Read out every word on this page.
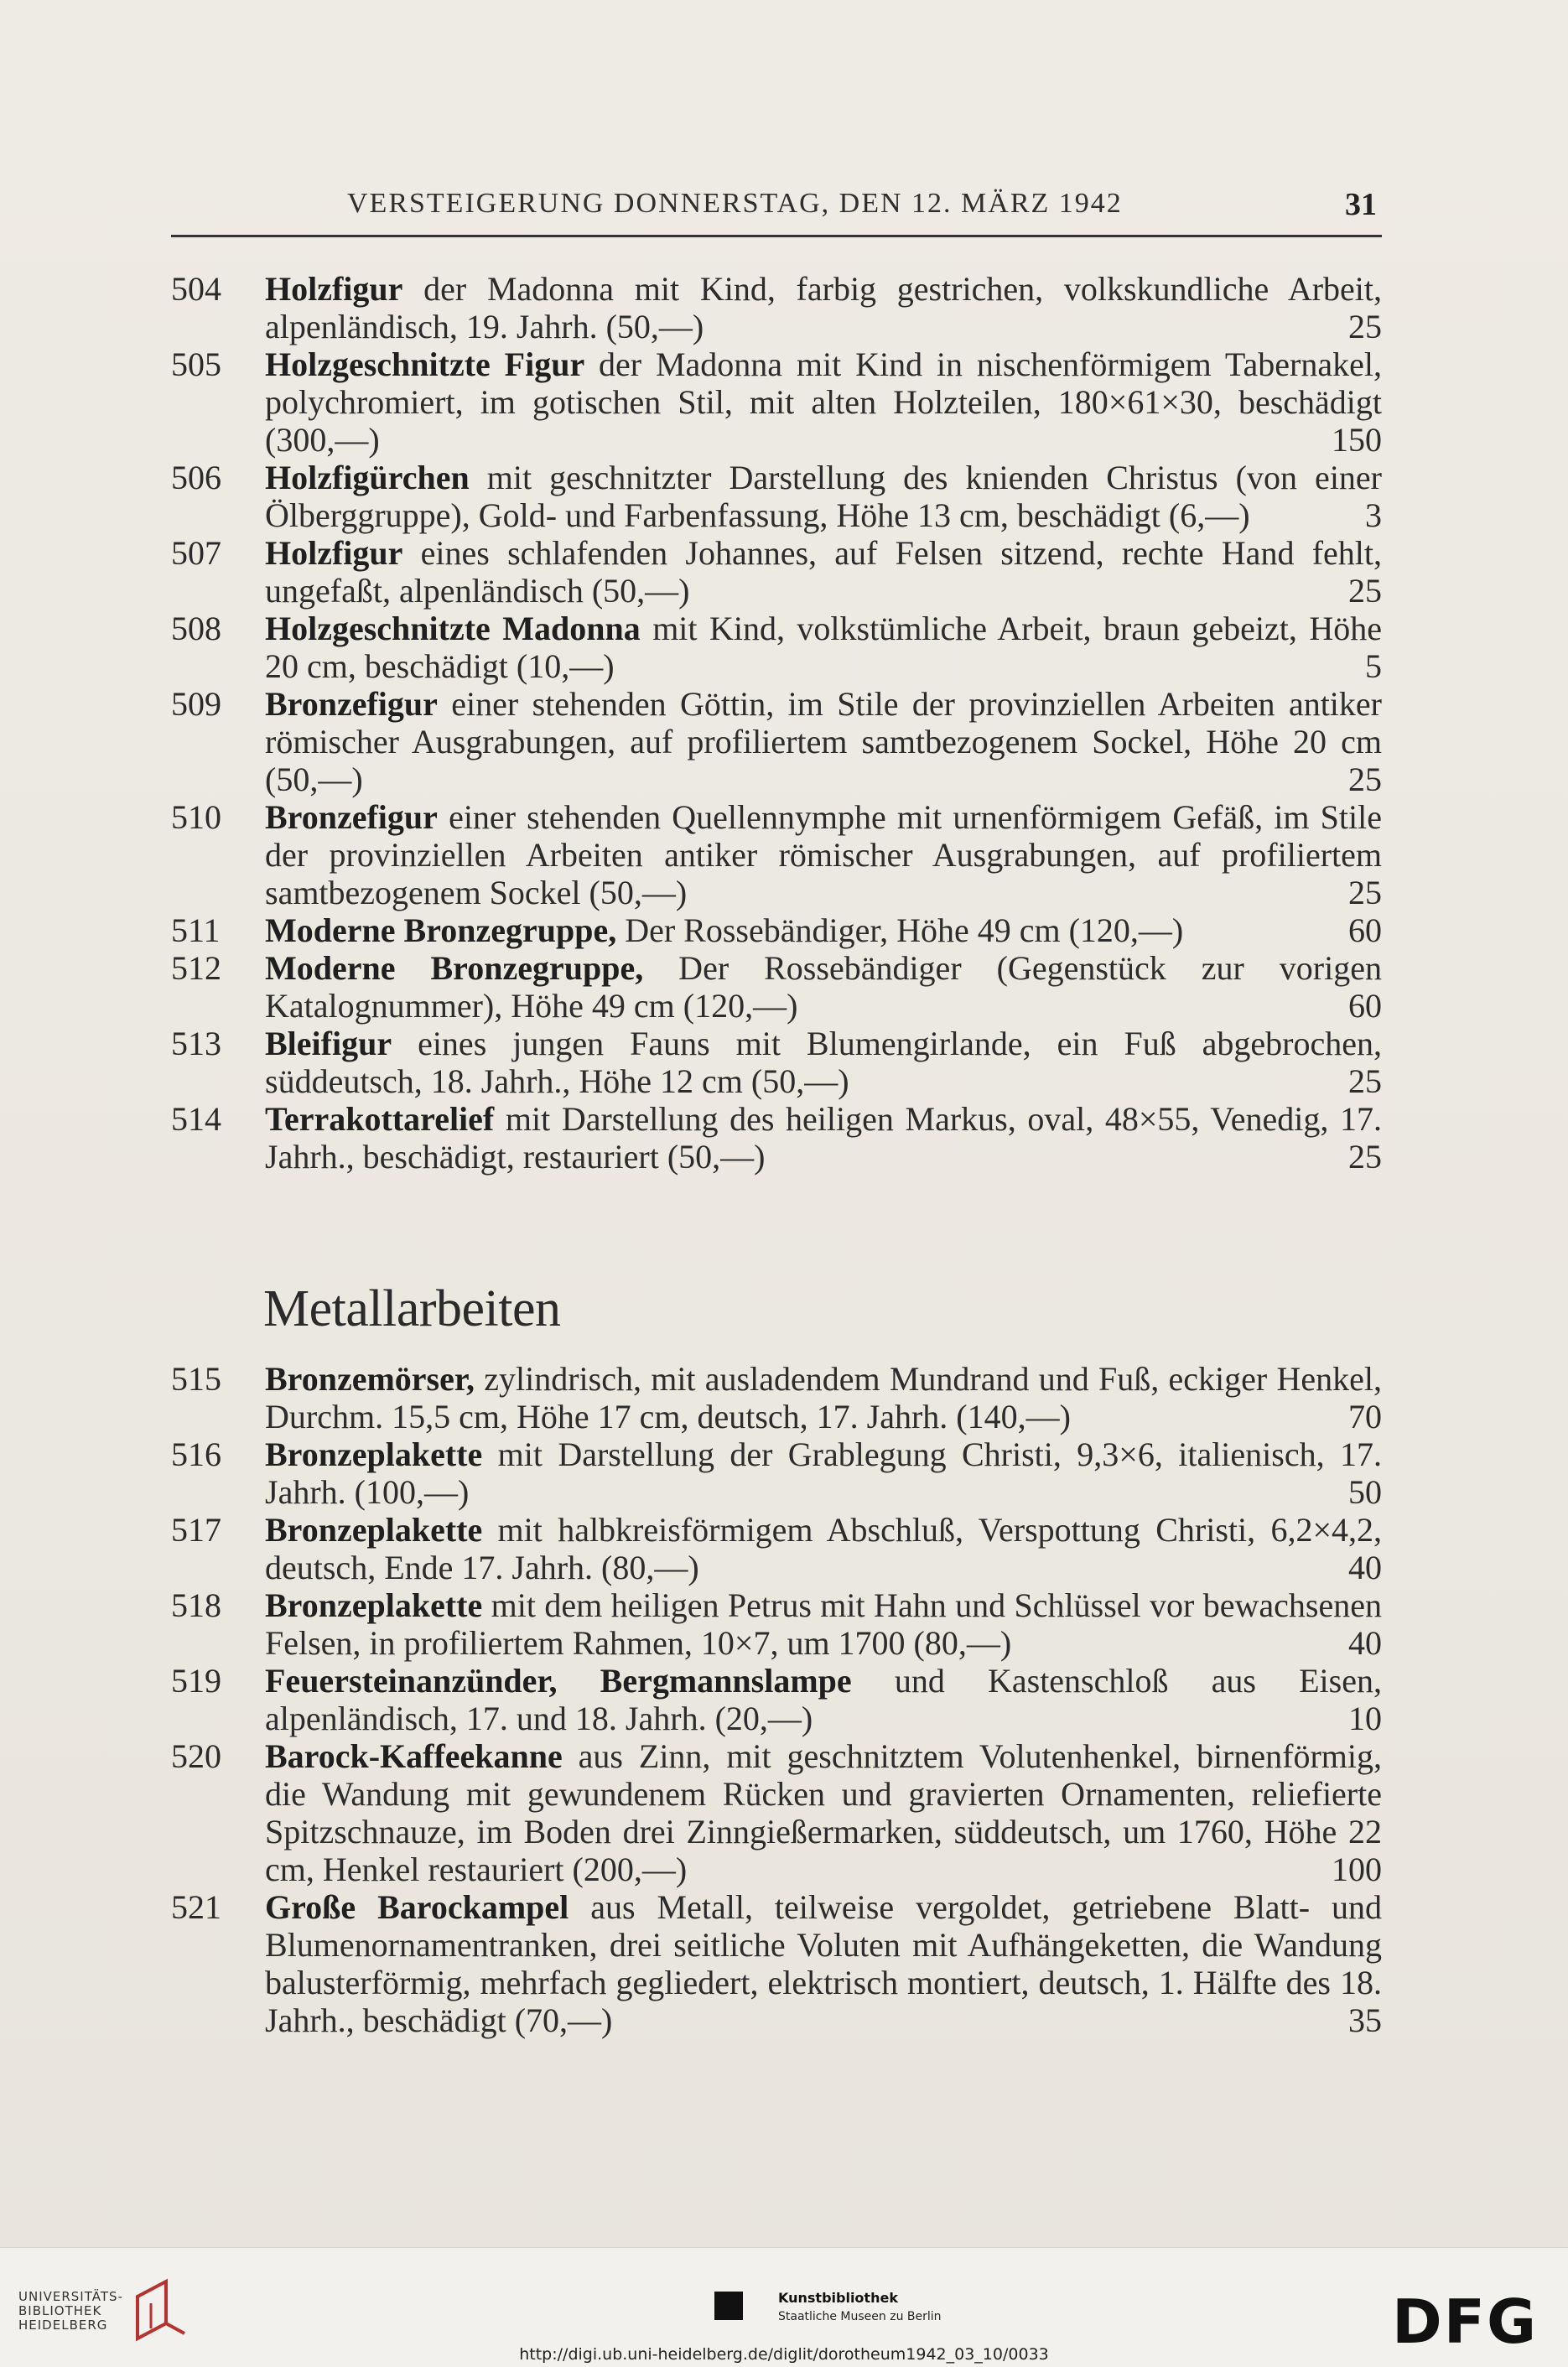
VERSTEIGERUNG DONNERSTAG, DEN 12. MÄRZ 1942	31
504	Holzfigur der Madonna mit Kind, farbig gestrichen, volkskundliche Arbeit, alpenländisch, 19. Jahrh. (50,—)	25
505	Holzgeschnitzte Figur der Madonna mit Kind in nischenförmigem Tabernakel, polychromiert, im gotischen Stil, mit alten Holzteilen, 180×61×30, beschädigt (300,—)	150
506	Holzfigürchen mit geschnitzter Darstellung des knienden Christus (von einer Ölberggruppe), Gold- und Farbenfassung, Höhe 13 cm, beschädigt (6,—)	3
507	Holzfigur eines schlafenden Johannes, auf Felsen sitzend, rechte Hand fehlt, ungefaßt, alpenländisch (50,—)	25
508	Holzgeschnitzte Madonna mit Kind, volkstümliche Arbeit, braun gebeizt, Höhe 20 cm, beschädigt (10,—)	5
509	Bronzefigur einer stehenden Göttin, im Stile der provinziellen Arbeiten antiker römischer Ausgrabungen, auf profiliertem samtbezogenem Sockel, Höhe 20 cm (50,—)	25
510	Bronzefigur einer stehenden Quellennymphe mit urnenförmigem Gefäß, im Stile der provinziellen Arbeiten antiker römischer Ausgrabungen, auf profiliertem samtbezogenem Sockel (50,—)	25
511	Moderne Bronzegruppe, Der Rossebändiger, Höhe 49 cm (120,—)	60
512	Moderne Bronzegruppe, Der Rossebändiger (Gegenstück zur vorigen Katalognummer), Höhe 49 cm (120,—)	60
513	Bleifigur eines jungen Fauns mit Blumengirlande, ein Fuß abgebrochen, süddeutsch, 18. Jahrh., Höhe 12 cm (50,—)	25
514	Terrakottarelief mit Darstellung des heiligen Markus, oval, 48×55, Venedig, 17. Jahrh., beschädigt, restauriert (50,—)	25
Metallarbeiten
515	Bronzemörser, zylindrisch, mit ausladendem Mundrand und Fuß, eckiger Henkel, Durchm. 15,5 cm, Höhe 17 cm, deutsch, 17. Jahrh. (140,—)	70
516	Bronzeplakette mit Darstellung der Grablegung Christi, 9,3×6, italienisch, 17. Jahrh. (100,—)	50
517	Bronzeplakette mit halbkreisförmigem Abschluß, Verspottung Christi, 6,2×4,2, deutsch, Ende 17. Jahrh. (80,—)	40
518	Bronzeplakette mit dem heiligen Petrus mit Hahn und Schlüssel vor bewachsenen Felsen, in profiliertem Rahmen, 10×7, um 1700 (80,—)	40
519	Feuersteinanzünder, Bergmannslampe und Kastenschloß aus Eisen, alpenländisch, 17. und 18. Jahrh. (20,—)	10
520	Barock-Kaffeekanne aus Zinn, mit geschnitztem Volutenhenkel, birnenförmig, die Wandung mit gewundenem Rücken und gravierten Ornamenten, reliefierte Spitzschnauze, im Boden drei Zinngießermarken, süddeutsch, um 1760, Höhe 22 cm, Henkel restauriert (200,—)	100
521	Große Barockampel aus Metall, teilweise vergoldet, getriebene Blatt- und Blumenornamentranken, drei seitliche Voluten mit Aufhängeketten, die Wandung balusterförmig, mehrfach gegliedert, elektrisch montiert, deutsch, 1. Hälfte des 18. Jahrh., beschädigt (70,—)	35
UNIVERSITÄTS-
BIBLIOTHEK
HEIDELBERG
Kunstbibliothek
Staatliche Museen zu Berlin	DFG
http://digi.ub.uni-heidelberg.de/diglit/dorotheum1942_03_10/0033
